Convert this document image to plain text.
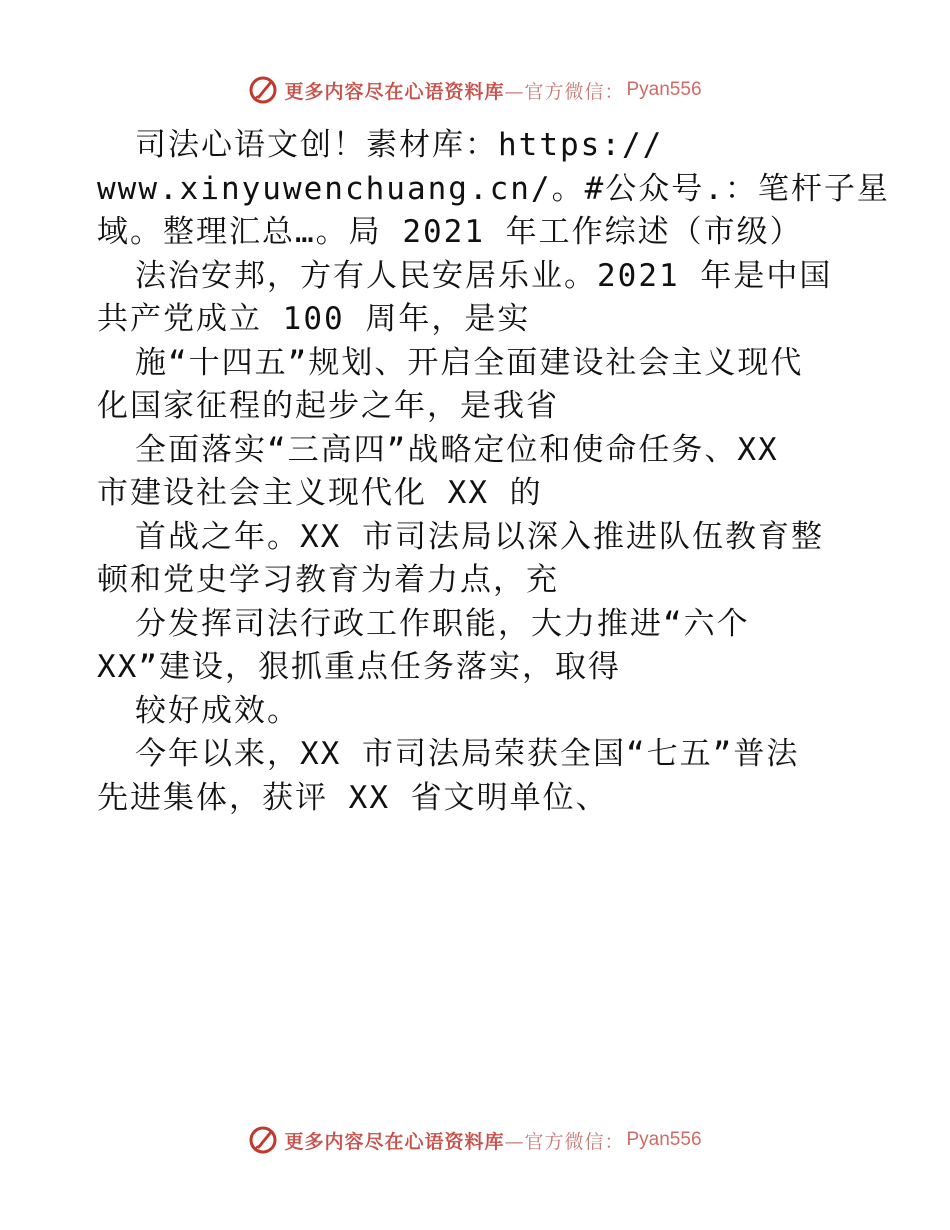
更多内容尽在心语资料库 —官方微信： Pyan556
司法心语文创！素材库：https://
www.xinyuwenchuang.cn/。#公众号.：笔杆子星
域。整理汇总…。局 2021 年工作综述（市级）
法治安邦，方有人民安居乐业。2021 年是中国
共产党成立 100 周年，是实
施“十四五”规划、开启全面建设社会主义现代
化国家征程的起步之年，是我省
全面落实“三高四”战略定位和使命任务、XX
市建设社会主义现代化 XX 的
首战之年。XX 市司法局以深入推进队伍教育整
顿和党史学习教育为着力点，充
分发挥司法行政工作职能，大力推进“六个
XX”建设，狠抓重点任务落实，取得
较好成效。
今年以来，XX 市司法局荣获全国“七五”普法
先进集体，获评 XX 省文明单位、
更多内容尽在心语资料库 —官方微信： Pyan556
